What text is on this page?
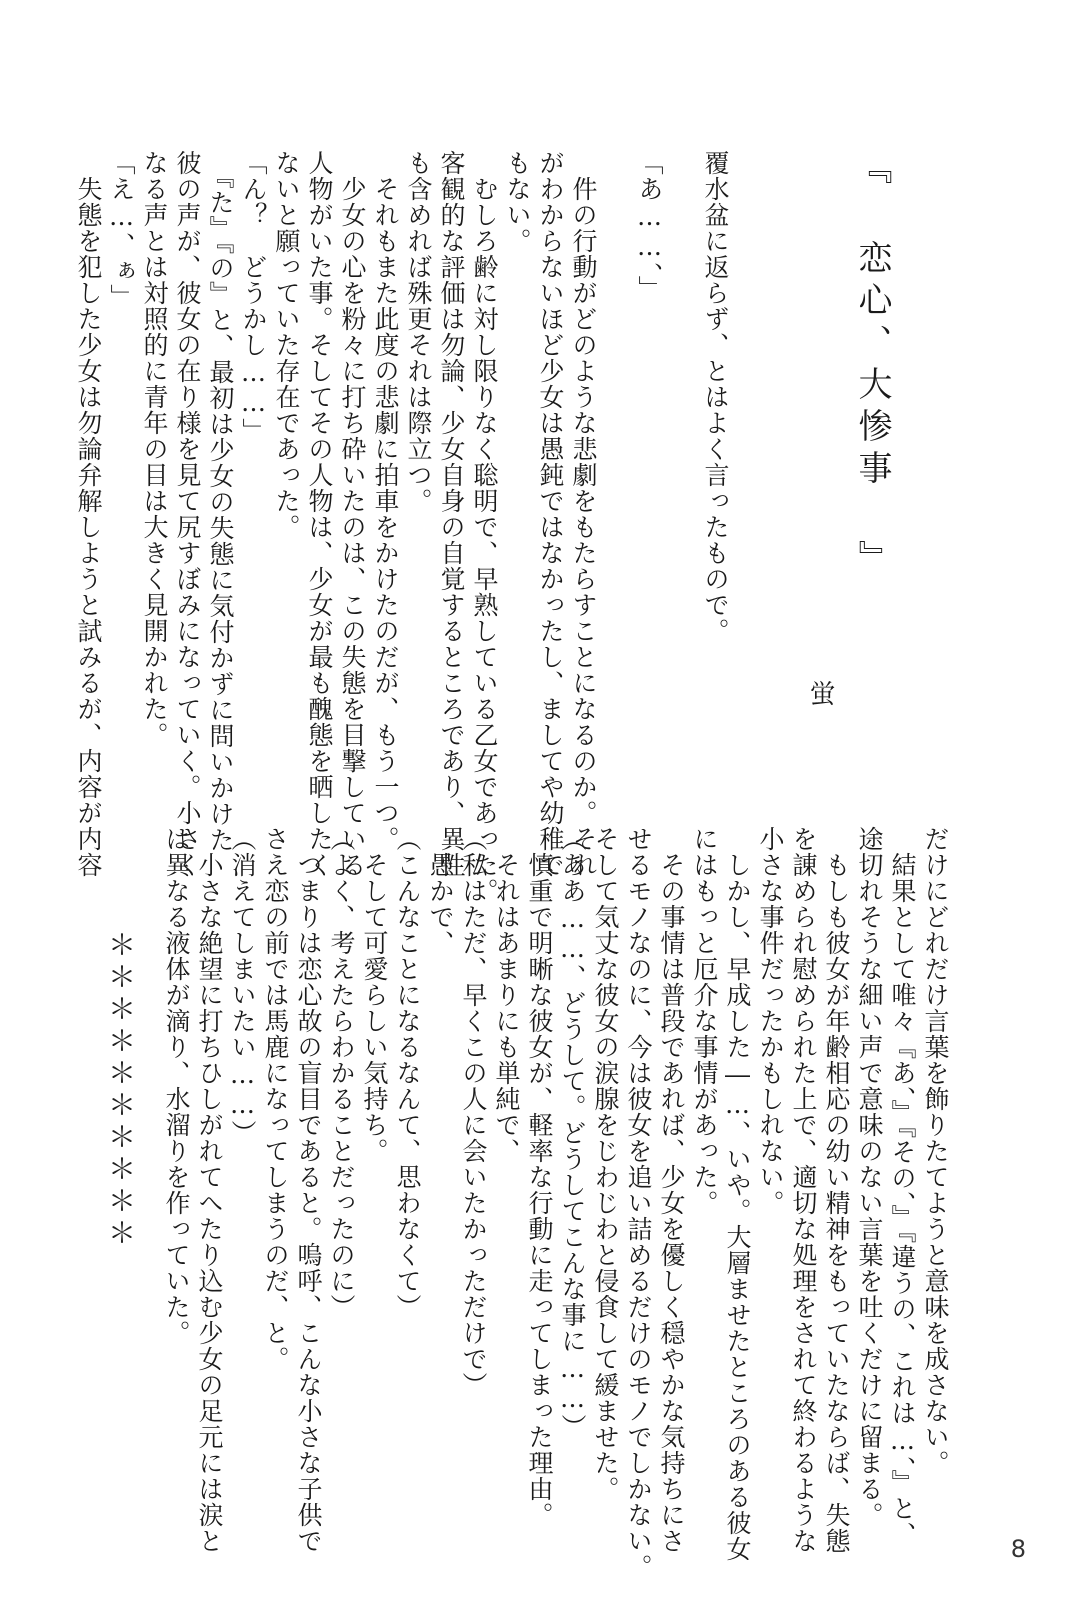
『 恋心、大惨事 』
蛍
覆水盆に返らず、とはよく言ったもので。

「あ……、」

　件の行動がどのような悲劇をもたらすことになるのか。それ
がわからないほど少女は愚鈍ではなかったし、ましてや幼稚で
もない。
　むしろ齢に対し限りなく聡明で、早熟している乙女であった。
客観的な評価は勿論、少女自身の自覚するところであり、異性
も含めれば殊更それは際立つ。
　それもまた此度の悲劇に拍車をかけたのだが、もう一つ。
　少女の心を粉々に打ち砕いたのは、この失態を目撃している
人物がいた事。そしてその人物は、少女が最も醜態を晒したく
ないと願っていた存在であった。
「ん？　どうかし……」
　『た』『の』と、最初は少女の失態に気付かずに問いかけた
彼の声が、彼女の在り様を見て尻すぼみになっていく。小さく
なる声とは対照的に青年の目は大きく見開かれた。
「え…、ぁ」
　失態を犯した少女は勿論弁解しようと試みるが、内容が内容
だけにどれだけ言葉を飾りたてようと意味を成さない。
　結果として唯々『あ、』『その、』『違うの、これは…、』と、
途切れそうな細い声で意味のない言葉を吐くだけに留まる。
　もしも彼女が年齢相応の幼い精神をもっていたならば、失態
を諌められ慰められた上で、適切な処理をされて終わるような
小さな事件だったかもしれない。
　しかし、早成した―…、いや。大層ませたところのある彼女
にはもっと厄介な事情があった。
　その事情は普段であれば、少女を優しく穏やかな気持ちにさ
せるモノなのに、今は彼女を追い詰めるだけのモノでしかない。
そして気丈な彼女の涙腺をじわじわと侵食して緩ませた。
（ああ……、どうして。どうしてこんな事に……）
　慎重で明晰な彼女が、軽率な行動に走ってしまった理由。
　それはあまりにも単純で、
（私はただ、早くこの人に会いたかっただけで）
　愚かで、
（こんなことになるなんて、思わなくて）
　そして可愛らしい気持ち。
（よく、考えたらわかることだったのに）
　つまりは恋心故の盲目であると。嗚呼、こんな小さな子供で
さえ恋の前では馬鹿になってしまうのだ、と。
（消えてしまいたい……）
　小さな絶望に打ちひしがれてへたり込む少女の足元には涙と
は異なる液体が滴り、水溜りを作っていた。
＊＊＊＊＊＊＊＊＊＊
8
